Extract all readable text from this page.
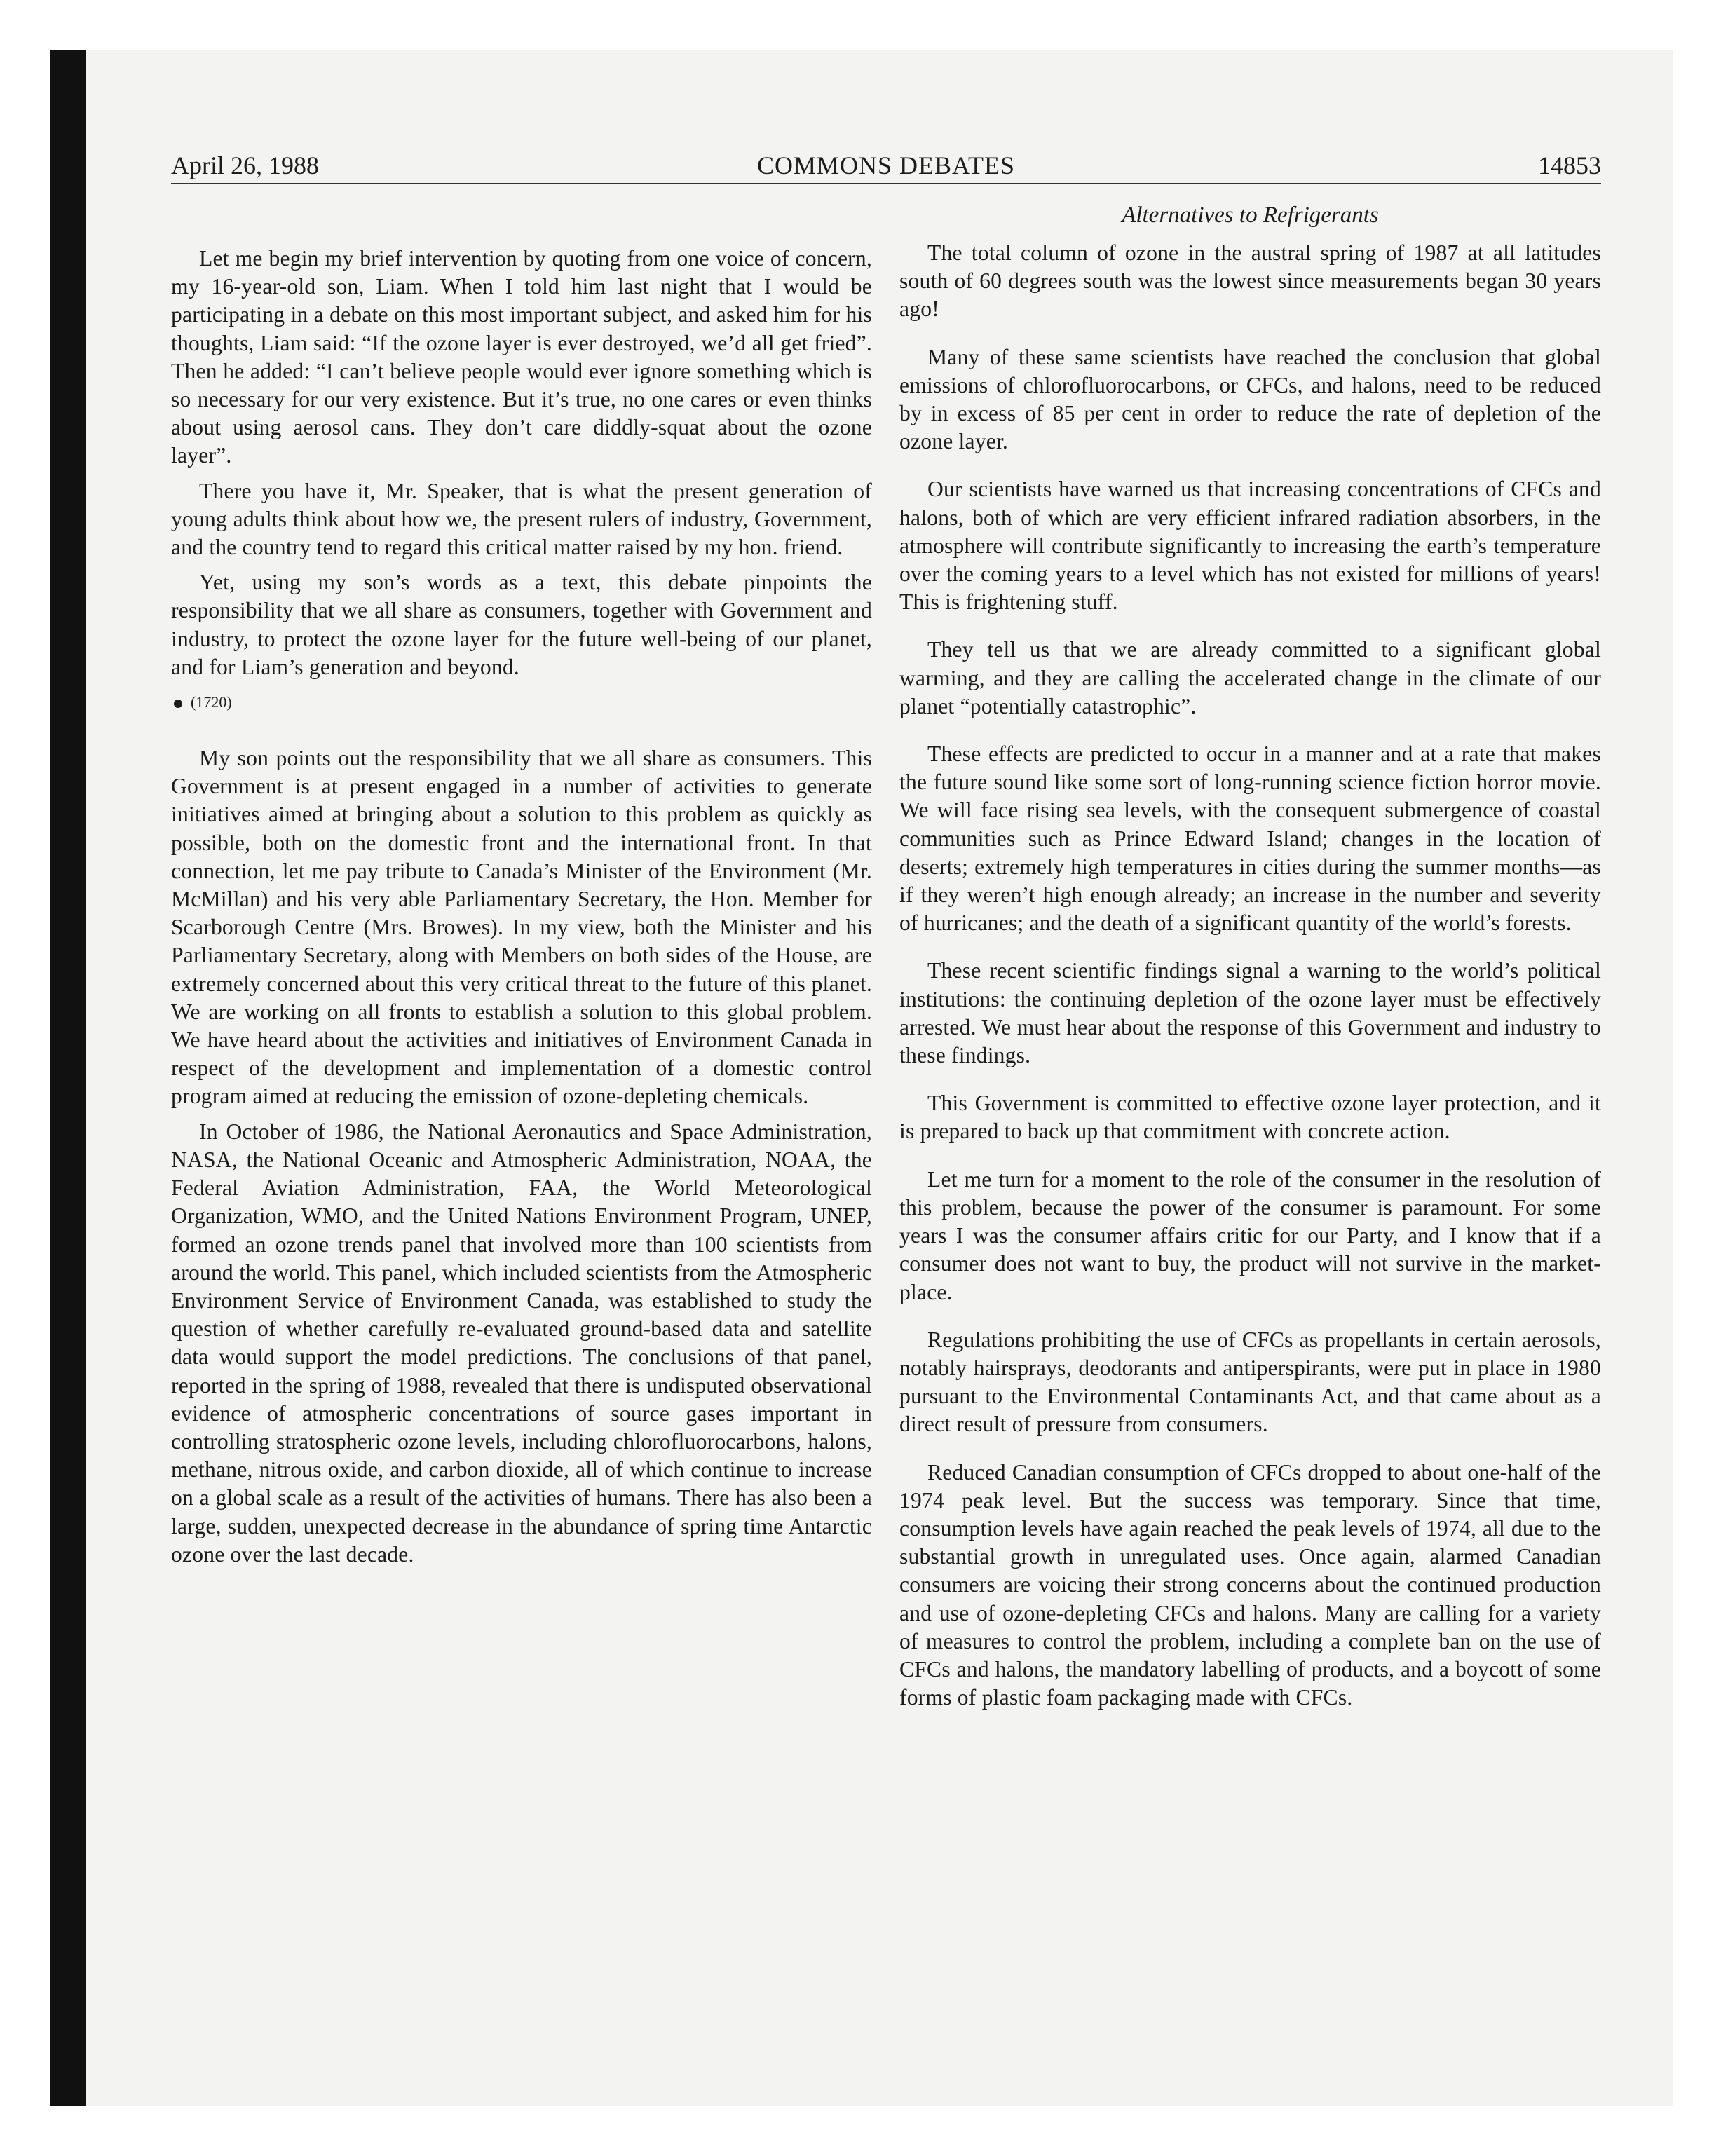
COMMONS DEBATES
April 26, 1988	14853

Let me begin my brief intervention by quoting from one voice of concern, my 16-year-old son, Liam. When I told him last night that I would be participating in a debate on this most important subject, and asked him for his thoughts, Liam said: “If the ozone layer is ever destroyed, we’d all get fried”. Then he added: “I can’t believe people would ever ignore something which is so necessary for our very existence. But it’s true, no one cares or even thinks about using aerosol cans. They don’t care diddly-squat about the ozone layer”.

There you have it, Mr. Speaker, that is what the present generation of young adults think about how we, the present rulers of industry, Government, and the country tend to regard this critical matter raised by my hon. friend.

Yet, using my son’s words as a text, this debate pinpoints the responsibility that we all share as consumers, together with Government and industry, to protect the ozone layer for the future well-being of our planet, and for Liam’s generation and beyond.

(1720)

My son points out the responsibility that we all share as consumers. This Government is at present engaged in a number of activities to generate initiatives aimed at bringing about a solution to this problem as quickly as possible, both on the domestic front and the international front. In that connection, let me pay tribute to Canada’s Minister of the Environment (Mr. McMillan) and his very able Parliamentary Secretary, the Hon. Member for Scarborough Centre (Mrs. Browes). In my view, both the Minister and his Parliamentary Secretary, along with Members on both sides of the House, are extremely concerned about this very critical threat to the future of this planet. We are working on all fronts to establish a solution to this global problem. We have heard about the activities and initiatives of Environment Canada in respect of the development and implementation of a domestic control program aimed at reducing the emission of ozone-depleting chemicals.

In October of 1986, the National Aeronautics and Space Administration, NASA, the National Oceanic and Atmospheric Administration, NOAA, the Federal Aviation Administration, FAA, the World Meteorological Organization, WMO, and the United Nations Environment Program, UNEP, formed an ozone trends panel that involved more than 100 scientists from around the world. This panel, which included scientists from the Atmospheric Environment Service of Environment Canada, was established to study the question of whether carefully re-evaluated ground-based data and satellite data would support the model predictions. The conclusions of that panel, reported in the spring of 1988, revealed that there is undisputed observational evidence of atmospheric concentrations of source gases important in controlling stratospheric ozone levels, including chlorofluorocarbons, halons, methane, nitrous oxide, and carbon dioxide, all of which continue to increase on a global scale as a result of the activities of humans. There has also been a large, sudden, unexpected decrease in the abundance of spring time Antarctic ozone over the last decade.

Alternatives to Refrigerants

The total column of ozone in the austral spring of 1987 at all latitudes south of 60 degrees south was the lowest since measurements began 30 years ago!

Many of these same scientists have reached the conclusion that global emissions of chlorofluorocarbons, or CFCs, and halons, need to be reduced by in excess of 85 per cent in order to reduce the rate of depletion of the ozone layer.

Our scientists have warned us that increasing concentrations of CFCs and halons, both of which are very efficient infrared radiation absorbers, in the atmosphere will contribute significantly to increasing the earth’s temperature over the coming years to a level which has not existed for millions of years! This is frightening stuff.

They tell us that we are already committed to a significant global warming, and they are calling the accelerated change in the climate of our planet “potentially catastrophic”.

These effects are predicted to occur in a manner and at a rate that makes the future sound like some sort of long-running science fiction horror movie. We will face rising sea levels, with the consequent submergence of coastal communities such as Prince Edward Island; changes in the location of deserts; extremely high temperatures in cities during the summer months—as if they weren’t high enough already; an increase in the number and severity of hurricanes; and the death of a significant quantity of the world’s forests.

These recent scientific findings signal a warning to the world’s political institutions: the continuing depletion of the ozone layer must be effectively arrested. We must hear about the response of this Government and industry to these findings.

This Government is committed to effective ozone layer protection, and it is prepared to back up that commitment with concrete action.

Let me turn for a moment to the role of the consumer in the resolution of this problem, because the power of the consumer is paramount. For some years I was the consumer affairs critic for our Party, and I know that if a consumer does not want to buy, the product will not survive in the market-place.

Regulations prohibiting the use of CFCs as propellants in certain aerosols, notably hairsprays, deodorants and antiperspirants, were put in place in 1980 pursuant to the Environmental Contaminants Act, and that came about as a direct result of pressure from consumers.

Reduced Canadian consumption of CFCs dropped to about one-half of the 1974 peak level. But the success was temporary. Since that time, consumption levels have again reached the peak levels of 1974, all due to the substantial growth in unregulated uses. Once again, alarmed Canadian consumers are voicing their strong concerns about the continued production and use of ozone-depleting CFCs and halons. Many are calling for a variety of measures to control the problem, including a complete ban on the use of CFCs and halons, the mandatory labelling of products, and a boycott of some forms of plastic foam packaging made with CFCs.
